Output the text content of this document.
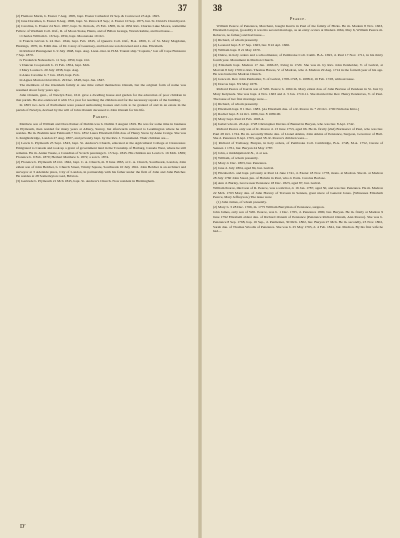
37	38

(2) Flemore Marin, b. Exeter 7 Aug. 1805, bapt. Exeter Cathedral 19 Sep. & Cornwood 23 Apl. 1825.

(3) Jane Dorothea, b. Exeter 8 Aug. 1806, bapt. St. Petrock 8 Sep.; d. Exeter 10 Sep. 1875, bur. St. David's Churchyard.

(4) Caroline, b. Exeter 24 Nov. 1807, bapt. St. Petrock, 25 Feb. 1808, m. in 1832 Rev. Charles Luke Moore, sometime Fellow of Wadham Coll. Oxf., R. of Moon Stoke, Hants, and of Billon Grange, Warwickshire, and had issue—

i Charles William b. 16 Sep. 1834, bapt. Moonstoke 19 Oct.

ii Francis Girvan b. 24 Dec. 1844, bapt. Feb. 1845, of Queen's Coll. Oxf., B.A. 1869, C. of St. Mary Magdalen, Hastings, 1870, m. Edith dau. of Dr. Carey of Guernsey, and had one son drowned and a dau. Elizabeth.

iii Richard Plantagenet b. 9 July 1848, bapt. Aug. Lieut.-Inst. in H.M. Transit ship "Captain," lost off Cape Finisterre 7 Sep. 1870.

iv Frederick Naboudre b. 11 Sep. 1850, bapt. Oct.

v Duncan Coopstaich b. 15 Feb. 1854, bapt. Mch.

I Mary Louisa b. 20 July 1838, bapt. Aug.

ii Anna Caroline b. 7 Jan. 1843, bapt. Feb.

iii Agnes Marion Octavilla b. 29 Dec. 1848, bapt. Jan. 1847.

The members of the Oxenham family at one time called themselves Oxnam, but the original form of name was resumed about forty years ago.

John Oxnam, gent., of Newlyn East, 1611 gave a dwelling house and garden for the education of poor children in that parish. He also endowed it with £5 a year for teaching the children and for the necessary repairs of the building.

In 1863 two Acts of Parliament were passed authorizing houses and cotts to be granted of and in an estate in the parish of Newlyn, devised by the will of John Oxnam deceased to John Oxnam for his life.

Parkes.

Matthew son of William and Dora Parker of Dublin was b. Dublin 3 August 1819. He was for some time in business in Plymouth, then resided for many years at Albury, Surrey, but afterwards removed to Leamington where he still resides. He m. Bodmin near Falmouth 7 Nov. 1852 Laura Elizabeth fifth dau. of Henry Snow by Anne Craige. She was b. Knightsbridge, London 27 Aug. 1807, and privately bapt. by the Rev. J. Townshend. Their children are—

(1) Lewis b. Plymouth 25 Sept. 1843, bapt. St. Andrew's Church, educated at the Agricultural College at Cirencester. Emigrated to Canada and took up a grant of government land in the Township of Harburg, Canada West, where he still remains. He m. Annie Tassie, a Canadian of Scotch parentage b. 15 Sep. 1845. His children are Lewis b. 16 Mch. 1869; Florence b. 9 Feb. 1870; Herbert Matthew b. 1872; a son b. 1874.

(2) Florence b. Plymouth 18 Oct. 1842, bapt. C. A. Church, m. 8 June 1863, at C. A. Church, Southwark, London, John eldest son of John Belcher, b. Church Street, Trinity Square, Southwark 10 July 1841. John Belcher is an architect and surveyor at 3 Adelaide place, City of London, in partnership with his father under the firm of John and John Belcher. He resides at 28 Somerleyton road, Brixton.

(3) Gertrude b. Plymouth 21 Mch 1845, bapt. St. Andrew's Church. Now resident in Birmingham.

Pearce.

William Pearce of Penzance, Merchant, bought Kerris in Paul of the family of Hicks. He m. Madern 8 Nov. 1663, Elizabeth Lanyon, (possibly it was his second marriage, as an entry occurs at Madern 1664, May 6, William Pearce m. Rebecca, no father,) and had issue—

(1) Richard, of whom presently.

(2) Leonard bapt. 8 17 Sep. 1663, bur. 8 22 Apl. 1666.

(3) William bapt. 8 21 May 1670.

(4) Dulce, in holy orders and a schoolmaster, of Pembroke Coll. Camb. B.A. 1693, d. Paul 17 Nov. 1711, in his thirty fourth year. Monument in Madron Church.

(1) Elizabeth bapt. Madron 17 Jan. 1666-67, living in 1720. She was m. by Rev. John Penholder, V. of Gulval, at Morvah 8 July 1709 to Rev. Thomas Hawes, V. of Madron, who d. Madron 29 Aug. 1714 in the fortieth year of his age. He was buried in Madron Church.

(2) Grace m. Rev. John Penholder, V. of Gulval, 1708-1728, b. 1688-9, 16 Feb. 1728, without issue.

(3) Dorcas bapt. 8 9 May 1678.

Richard Pearce of Kerris son of Will. Pearce b. 1664 m. Mary eldest dau. of John Borlase of Pendeen in St. Just by Mary Kelynack. She was bapt. 4 Nov. 1663 and d. 3 Jan. 1710-11. She married the Rev. Henry Penderves, V. of Paul. The issue of her first marriage were—

(1) Richard, of whom presently.

(1) Elizabeth bapt. 8 1 Dec. 1683. [As Elizabeth dau. of a R. Pearce m. * 20 Oct. 1700 Nicholas Kitto.]

(2) Rachel bapt. 8 14 Oct. 1686, bur. 8 1689-90.

(3) Mary bapt. Paul 22 Feb. 1693-4.

(4) Isabel who m. 26 Apl. 1728 Christopher Davies of Bennel in Buryan, who was bur. 8 Apl. 1742.

Richard Pearce only son of R. Pearce d. 13 June 1753, aged 66. He m. firstly (2nd) Borlasewr of Paul, who was bur. Paul 28 Oct. 1724. He m. secondly Marie dau. of Lionel Atkins, John Atkins of Penzance, Surgeon, Governor of Hull. She d. Penzance 8 Apl. 1763, aged 58. R. Pearce's children were—

(1) Richard of Trelissey, Buryan, in holy orders, of Pembroke Coll. Cambridge, B.A. 1748, M.A. 1752, Curate of Sennen 1 1761, bur. Buryan 24 May 1787.

(2) John, a midshipman R.N., d. at sea.

(3) William, of whom presently.

(1) Mary d. Dec. 1803, bur. Penzance.

(2) Jane d. July 1804, aged 84, bur. Gulval.

(3) Elizabeth b. and bapt. privately at Paul 14 June 1741, d. Exeter 18 Nov. 1778, mons. at Madron. She m. at Madron 28 July 1760 John Stead, jun. of Halwin in Paul, who d. Paris. Carolus Borlase.

(4) Ann d. Burley, Grove near Penzance 18 Dec. 1823, aged 87, bur. Gulval.

William Pearce, third son of R. Pearce, was a solicitor, d. 16 Jan. 1787, aged 50, and was bur. Penzance. He m. Madron 22 Mch. 1763 Mary dau. of John Harvey of Trevean in Sennen, great niece of General Jones. (Witnesses Elizabeth Pearce, Mary Jeffreyson.) The issue were

(1) John James, of whom presently.

(2) Mary b. 3 28 Dec. 1766, m. 1775 William Berryman of Penzance, surgeon.

John James, only son of Will. Pearce, was b. 1 Dec. 1765, d. Penzance 1800, bur. Buryan. He m. firstly at Madron 9 June 1792 Elizabeth eldest dau. of Richard Oxnam of Penzance (Penzance Richard Oxnam, Ann Pearce). She was b. Penzance 8 Sep. 1768, bap. 16 Sep., d. Penlieiner, 30 Mch. 1802, bur. Buryan 27 Mch. He m. secondly, 23 Nov. 1802, Sarah dau. of Thomas Woodis of Penzance. She was b. 25 May 1765, d. 4 Feb. 1841, bur. Madron. By his first wife he had—

D′
